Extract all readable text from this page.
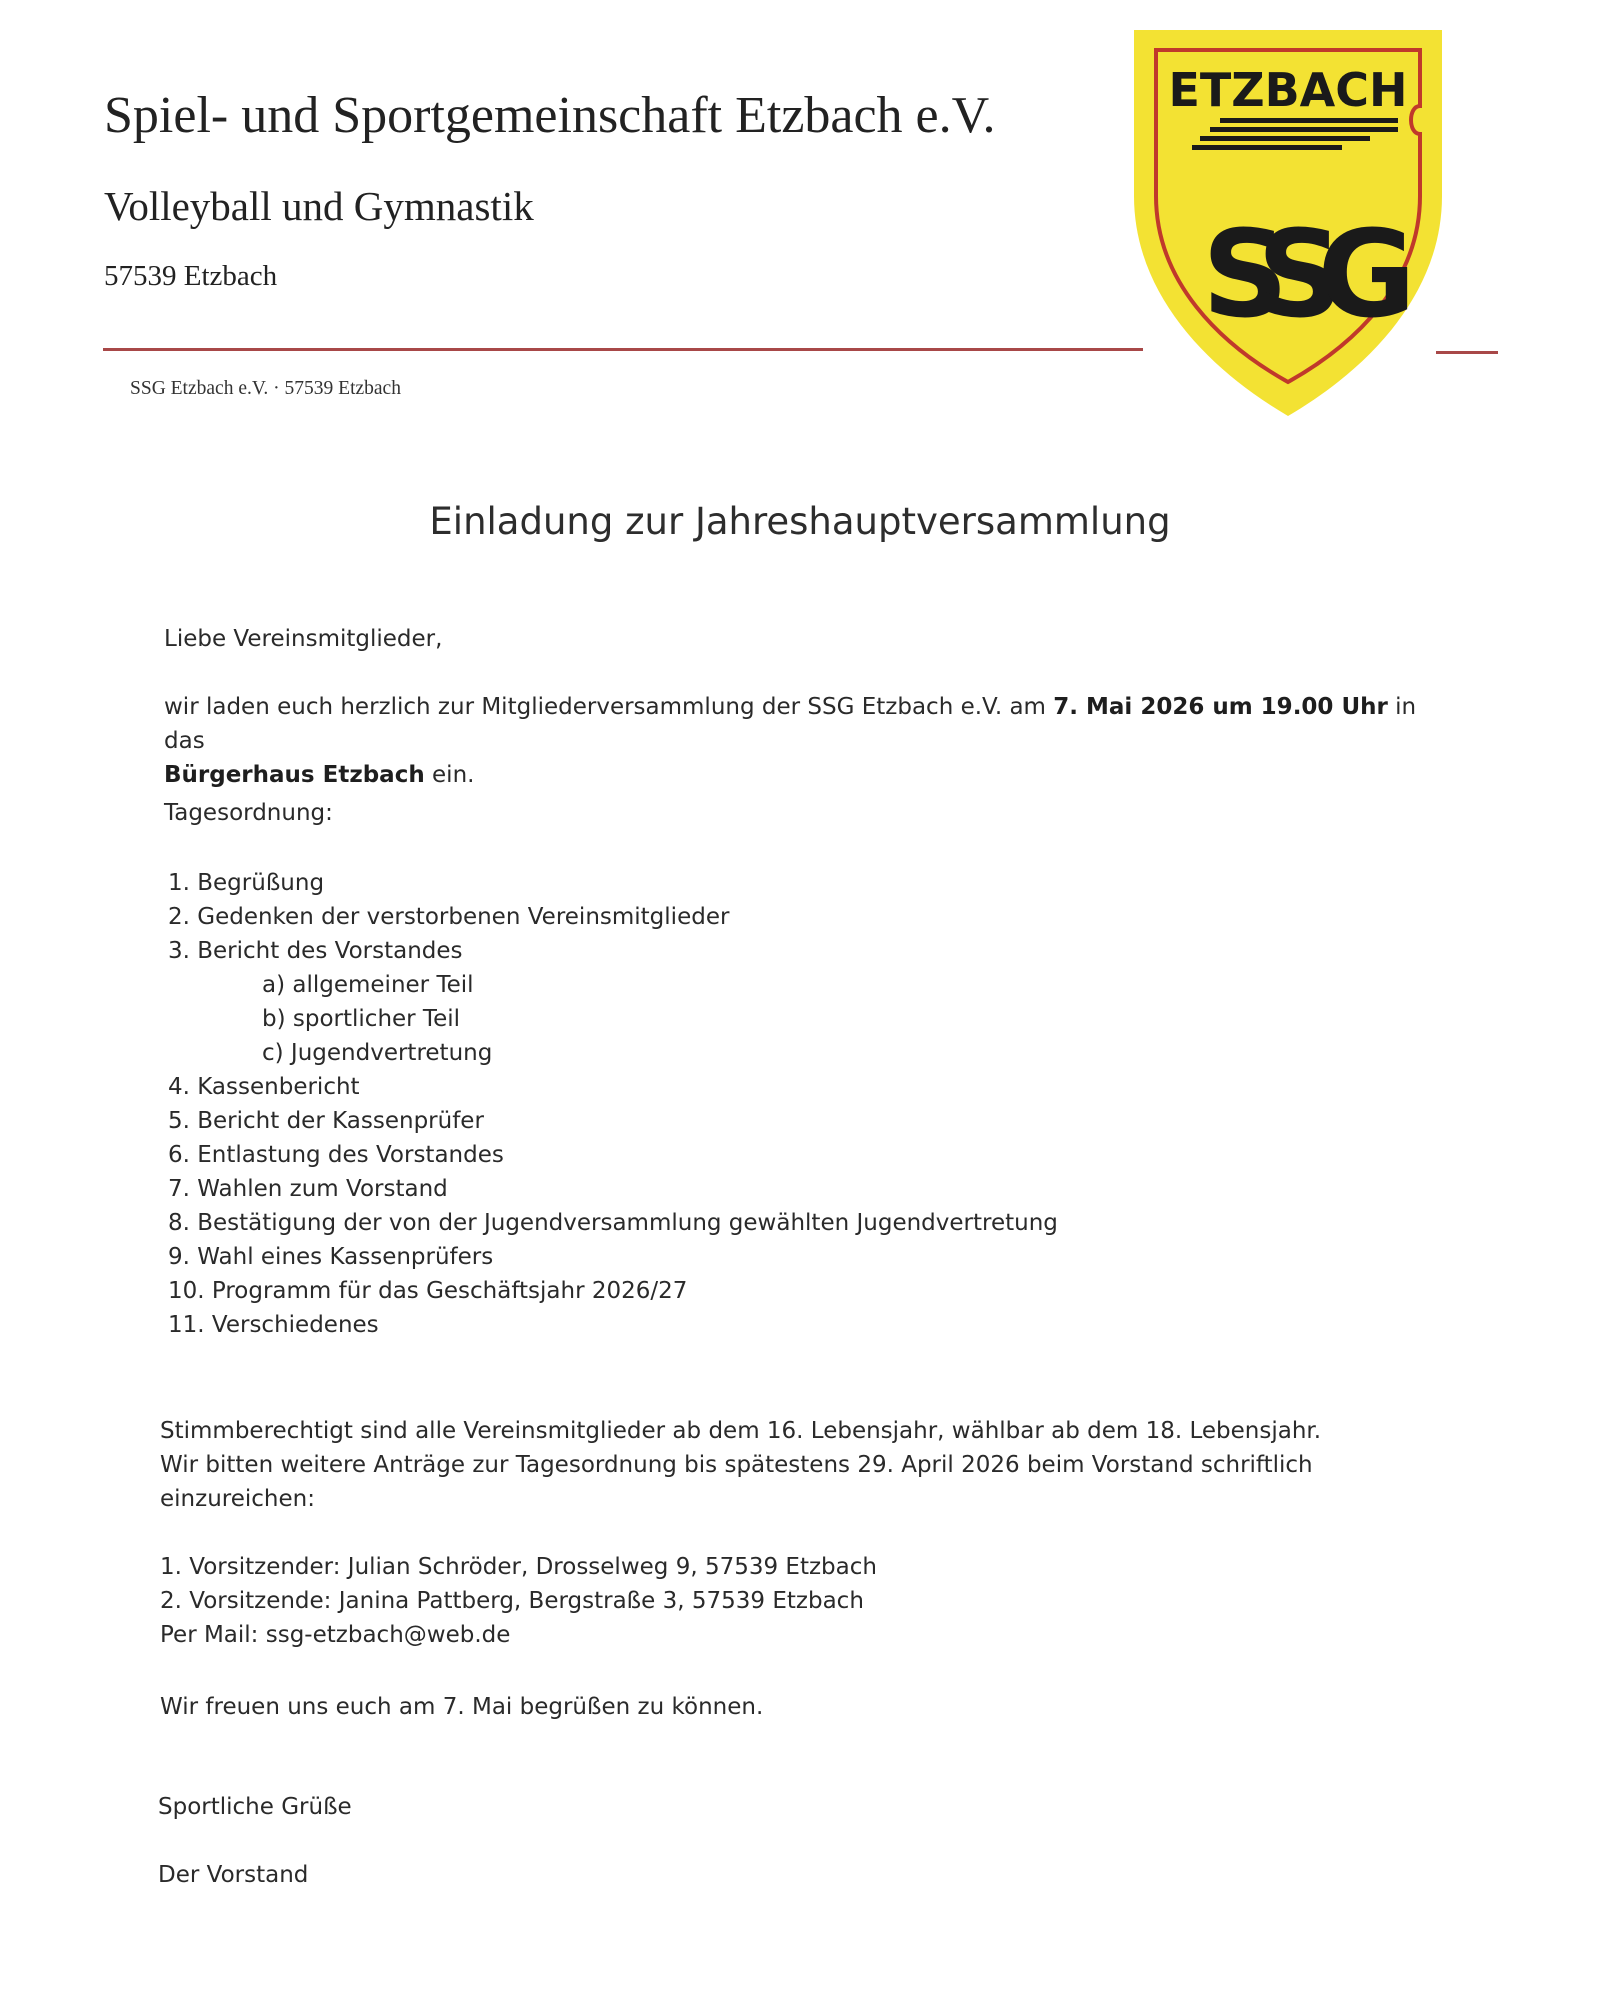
Spiel- und Sportgemeinschaft Etzbach e.V.
Volleyball und Gymnastik
57539 Etzbach
SSG Etzbach e.V. · 57539 Etzbach
ETZBACH
SSG
Einladung zur Jahreshauptversammlung
Liebe Vereinsmitglieder,
wir laden euch herzlich zur Mitgliederversammlung der SSG Etzbach e.V. am 7. Mai 2026 um 19.00 Uhr in das
Bürgerhaus Etzbach ein.
Tagesordnung:
1. Begrüßung
2. Gedenken der verstorbenen Vereinsmitglieder
3. Bericht des Vorstandes
a) allgemeiner Teil
b) sportlicher Teil
c) Jugendvertretung
4. Kassenbericht
5. Bericht der Kassenprüfer
6. Entlastung des Vorstandes
7. Wahlen zum Vorstand
8. Bestätigung der von der Jugendversammlung gewählten Jugendvertretung
9. Wahl eines Kassenprüfers
10. Programm für das Geschäftsjahr 2026/27
11. Verschiedenes
Stimmberechtigt sind alle Vereinsmitglieder ab dem 16. Lebensjahr, wählbar ab dem 18. Lebensjahr.
Wir bitten weitere Anträge zur Tagesordnung bis spätestens 29. April 2026 beim Vorstand schriftlich
einzureichen:
1. Vorsitzender: Julian Schröder, Drosselweg 9, 57539 Etzbach
2. Vorsitzende: Janina Pattberg, Bergstraße 3, 57539 Etzbach
Per Mail: ssg-etzbach@web.de
Wir freuen uns euch am 7. Mai begrüßen zu können.
Sportliche Grüße
Der Vorstand
